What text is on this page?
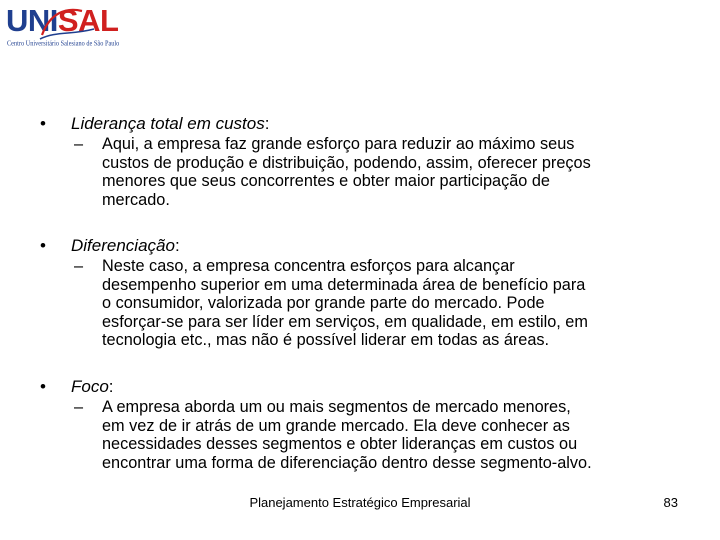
UNISAL
Centro Universitário Salesiano de São Paulo
• Liderança total em custos:
– Aqui, a empresa faz grande esforço para reduzir ao máximo seus
custos de produção e distribuição, podendo, assim, oferecer preços
menores que seus concorrentes e obter maior participação de
mercado.
• Diferenciação:
– Neste caso, a empresa concentra esforços para alcançar
desempenho superior em uma determinada área de benefício para
o consumidor, valorizada por grande parte do mercado. Pode
esforçar-se para ser líder em serviços, em qualidade, em estilo, em
tecnologia etc., mas não é possível liderar em todas as áreas.
• Foco:
– A empresa aborda um ou mais segmentos de mercado menores,
em vez de ir atrás de um grande mercado. Ela deve conhecer as
necessidades desses segmentos e obter lideranças em custos ou
encontrar uma forma de diferenciação dentro desse segmento-alvo.
Planejamento Estratégico Empresarial	83
